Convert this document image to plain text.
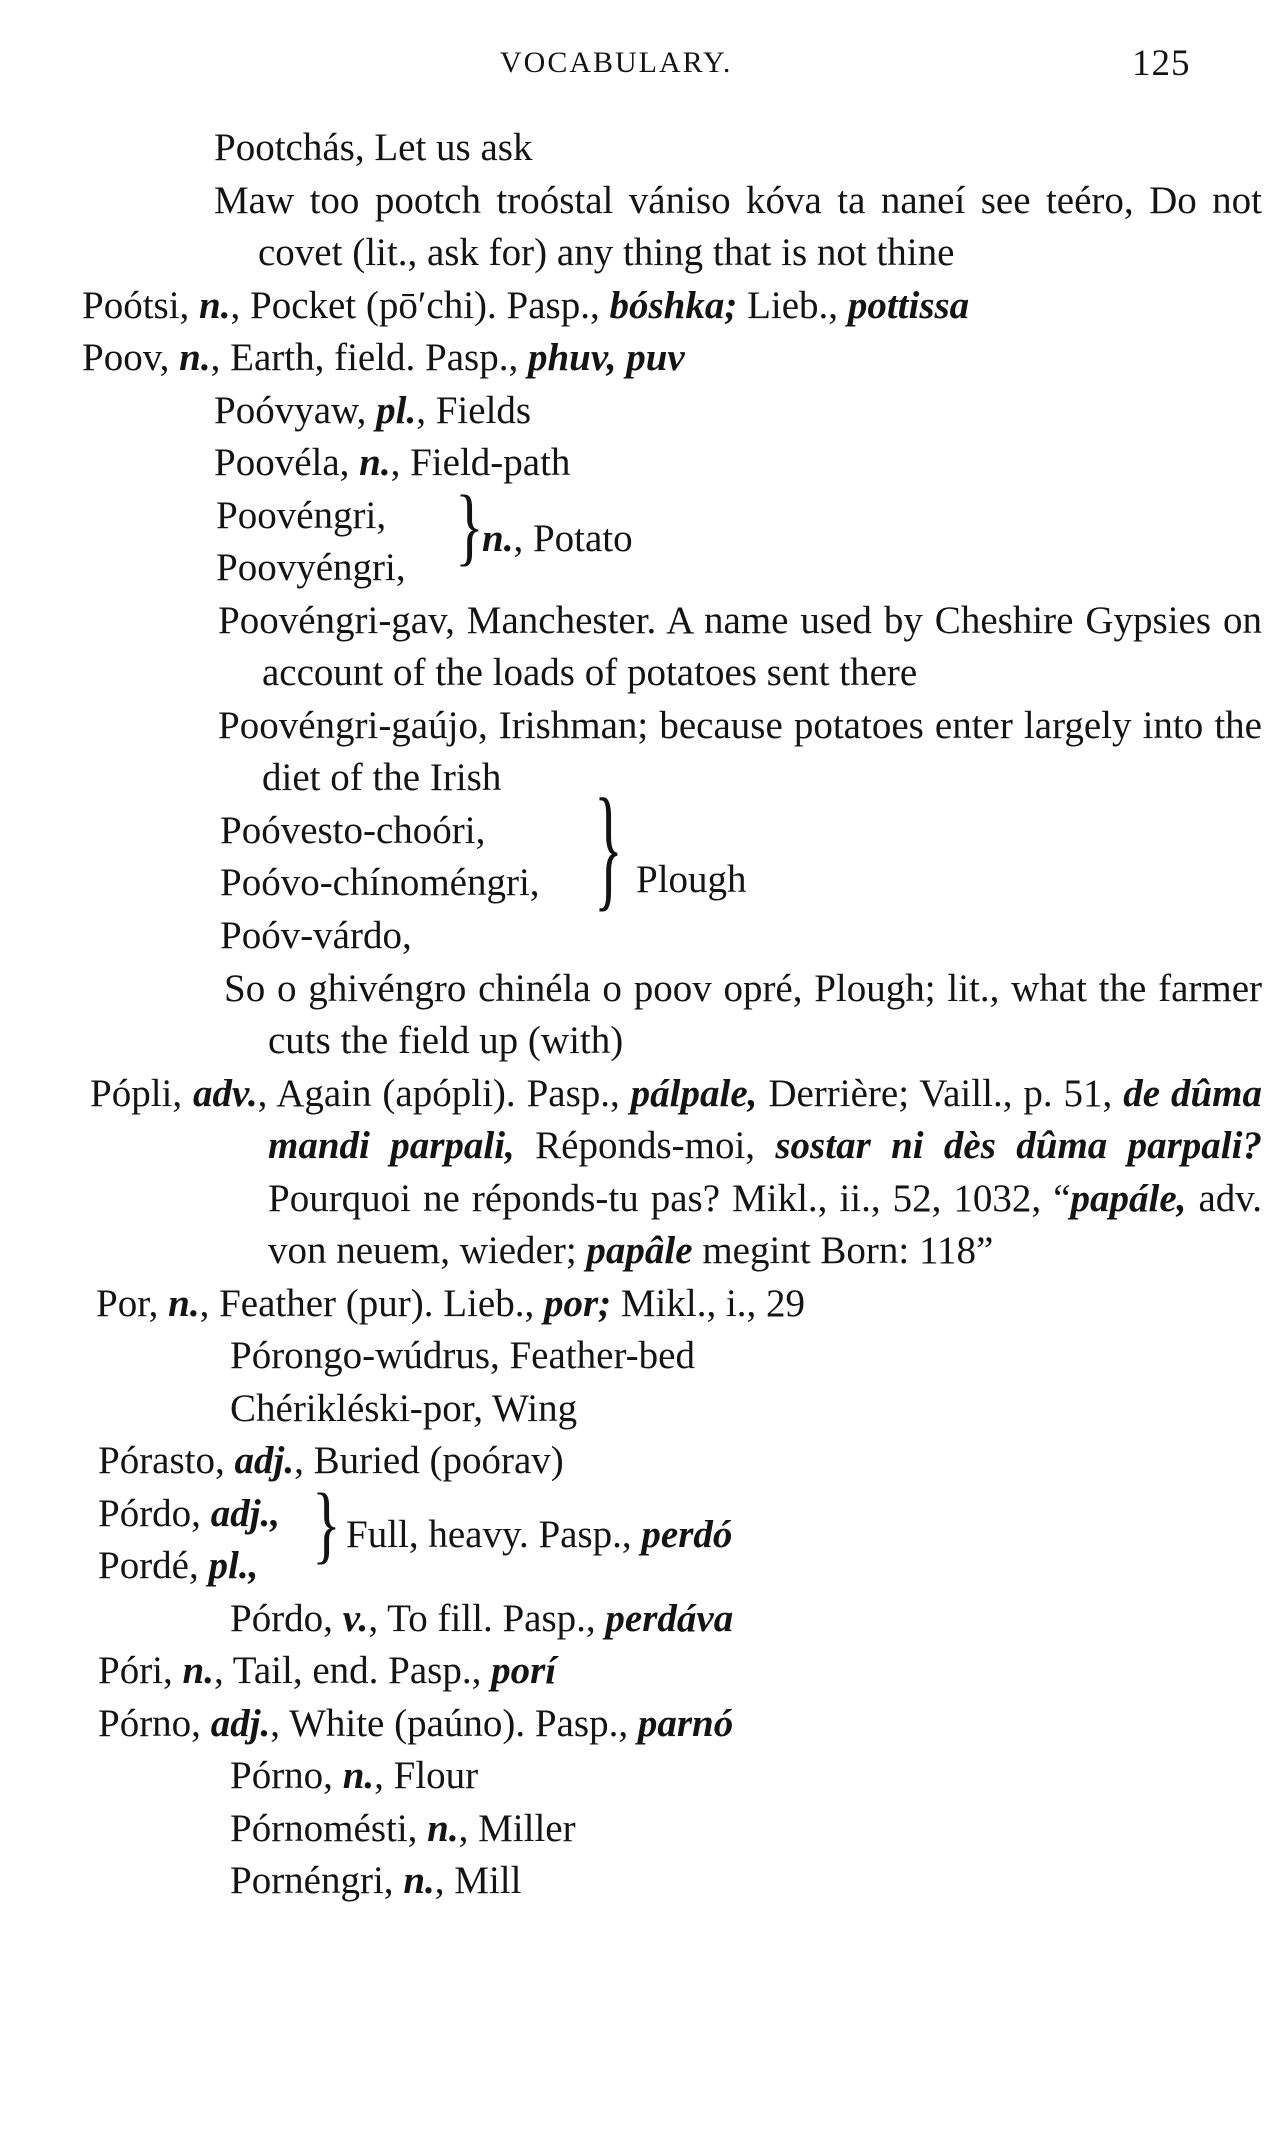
VOCABULARY.	125

Pootchás, Let us ask

Maw too pootch troóstal vániso kóva ta naneí see teéro, Do not covet (lit., ask for) any thing that is not thine

Poótsi, n., Pocket (pō′chi). Pasp., bóshka; Lieb., pottissa

Poov, n., Earth, field. Pasp., phuv, puv

Poóvyaw, pl., Fields

Poovéla, n., Field-path

Poovéngri,
Poovyéngri, }
n., Potato

Poovéngri-gav, Manchester. A name used by Cheshire Gypsies on account of the loads of potatoes sent there

Poovéngri-gaújo, Irishman; because potatoes enter largely into the diet of the Irish

Poóvesto-choóri,
Poóvo-chínoméngri,
Poóv-várdo,
} Plough

So o ghivéngro chinéla o poov opré, Plough; lit., what the farmer cuts the field up (with)

Pópli, adv., Again (apópli). Pasp., pálpale, Derrière; Vaill., p. 51, de dûma mandi parpali, Réponds-moi, sostar ni dès dûma parpali? Pourquoi ne réponds-tu pas? Mikl., ii., 52, 1032, “papále, adv. von neuem, wieder; papâle megint Born: 118”

Por, n., Feather (pur). Lieb., por; Mikl., i., 29

Pórongo-wúdrus, Feather-bed

Chérikléski-por, Wing

Pórasto, adj., Buried (poórav)

Pórdo, adj.,
Pordé, pl., } Full, heavy. Pasp., perdó

Pórdo, v., To fill. Pasp., perdáva

Póri, n., Tail, end. Pasp., porí

Pórno, adj., White (paúno). Pasp., parnó

Pórno, n., Flour

Pórnomésti, n., Miller

Pornéngri, n., Mill
